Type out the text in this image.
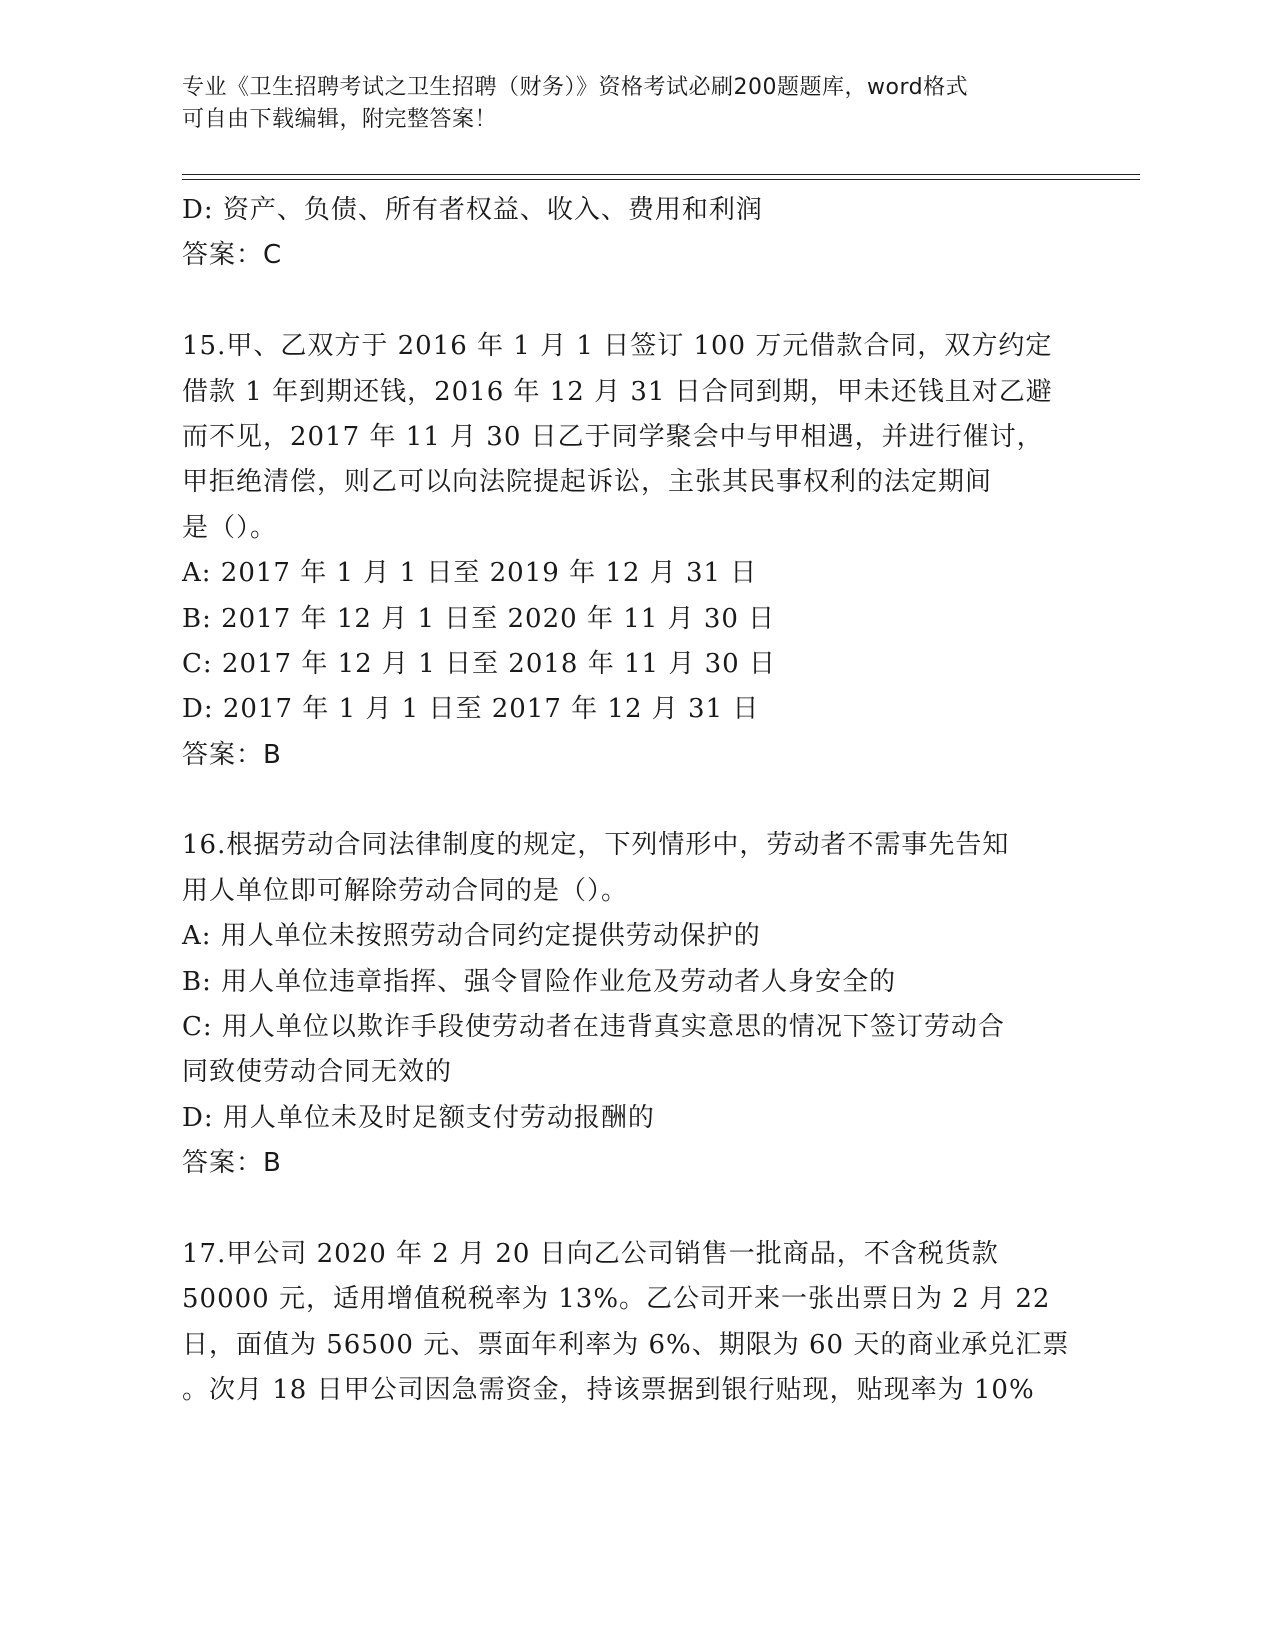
专业《卫生招聘考试之卫生招聘（财务）》资格考试必刷200题题库，word格式
可自由下载编辑，附完整答案！
D: 资产、负债、所有者权益、收入、费用和利润
答案：C
15.甲、乙双方于 2016 年 1 月 1 日签订 100 万元借款合同，双方约定
借款 1 年到期还钱，2016 年 12 月 31 日合同到期，甲未还钱且对乙避
而不见，2017 年 11 月 30 日乙于同学聚会中与甲相遇，并进行催讨，
甲拒绝清偿，则乙可以向法院提起诉讼，主张其民事权利的法定期间
是（）。
A: 2017 年 1 月 1 日至 2019 年 12 月 31 日
B: 2017 年 12 月 1 日至 2020 年 11 月 30 日
C: 2017 年 12 月 1 日至 2018 年 11 月 30 日
D: 2017 年 1 月 1 日至 2017 年 12 月 31 日
答案：B
16.根据劳动合同法律制度的规定，下列情形中，劳动者不需事先告知
用人单位即可解除劳动合同的是（）。
A: 用人单位未按照劳动合同约定提供劳动保护的
B: 用人单位违章指挥、强令冒险作业危及劳动者人身安全的
C: 用人单位以欺诈手段使劳动者在违背真实意思的情况下签订劳动合
同致使劳动合同无效的
D: 用人单位未及时足额支付劳动报酬的
答案：B
17.甲公司 2020 年 2 月 20 日向乙公司销售一批商品，不含税货款
50000 元，适用增值税税率为 13%。乙公司开来一张出票日为 2 月 22
日，面值为 56500 元、票面年利率为 6%、期限为 60 天的商业承兑汇票
。次月 18 日甲公司因急需资金，持该票据到银行贴现，贴现率为 10%
